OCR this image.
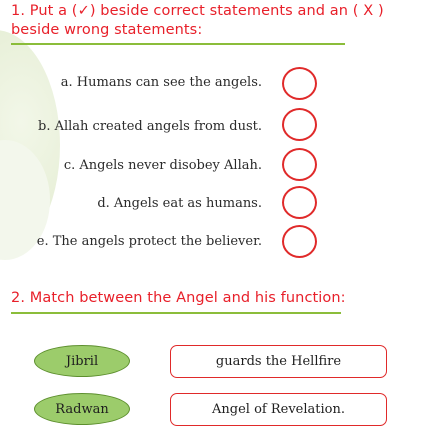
1. Put a (✓) beside correct statements and an ( X )
beside wrong statements:
a. Humans can see the angels.
b. Allah created angels from dust.
c. Angels never disobey Allah.
d. Angels eat as humans.
e. The angels protect the believer.
2. Match between the Angel and his function:
Jibril	guards the Hellfire
Radwan	Angel of Revelation.
